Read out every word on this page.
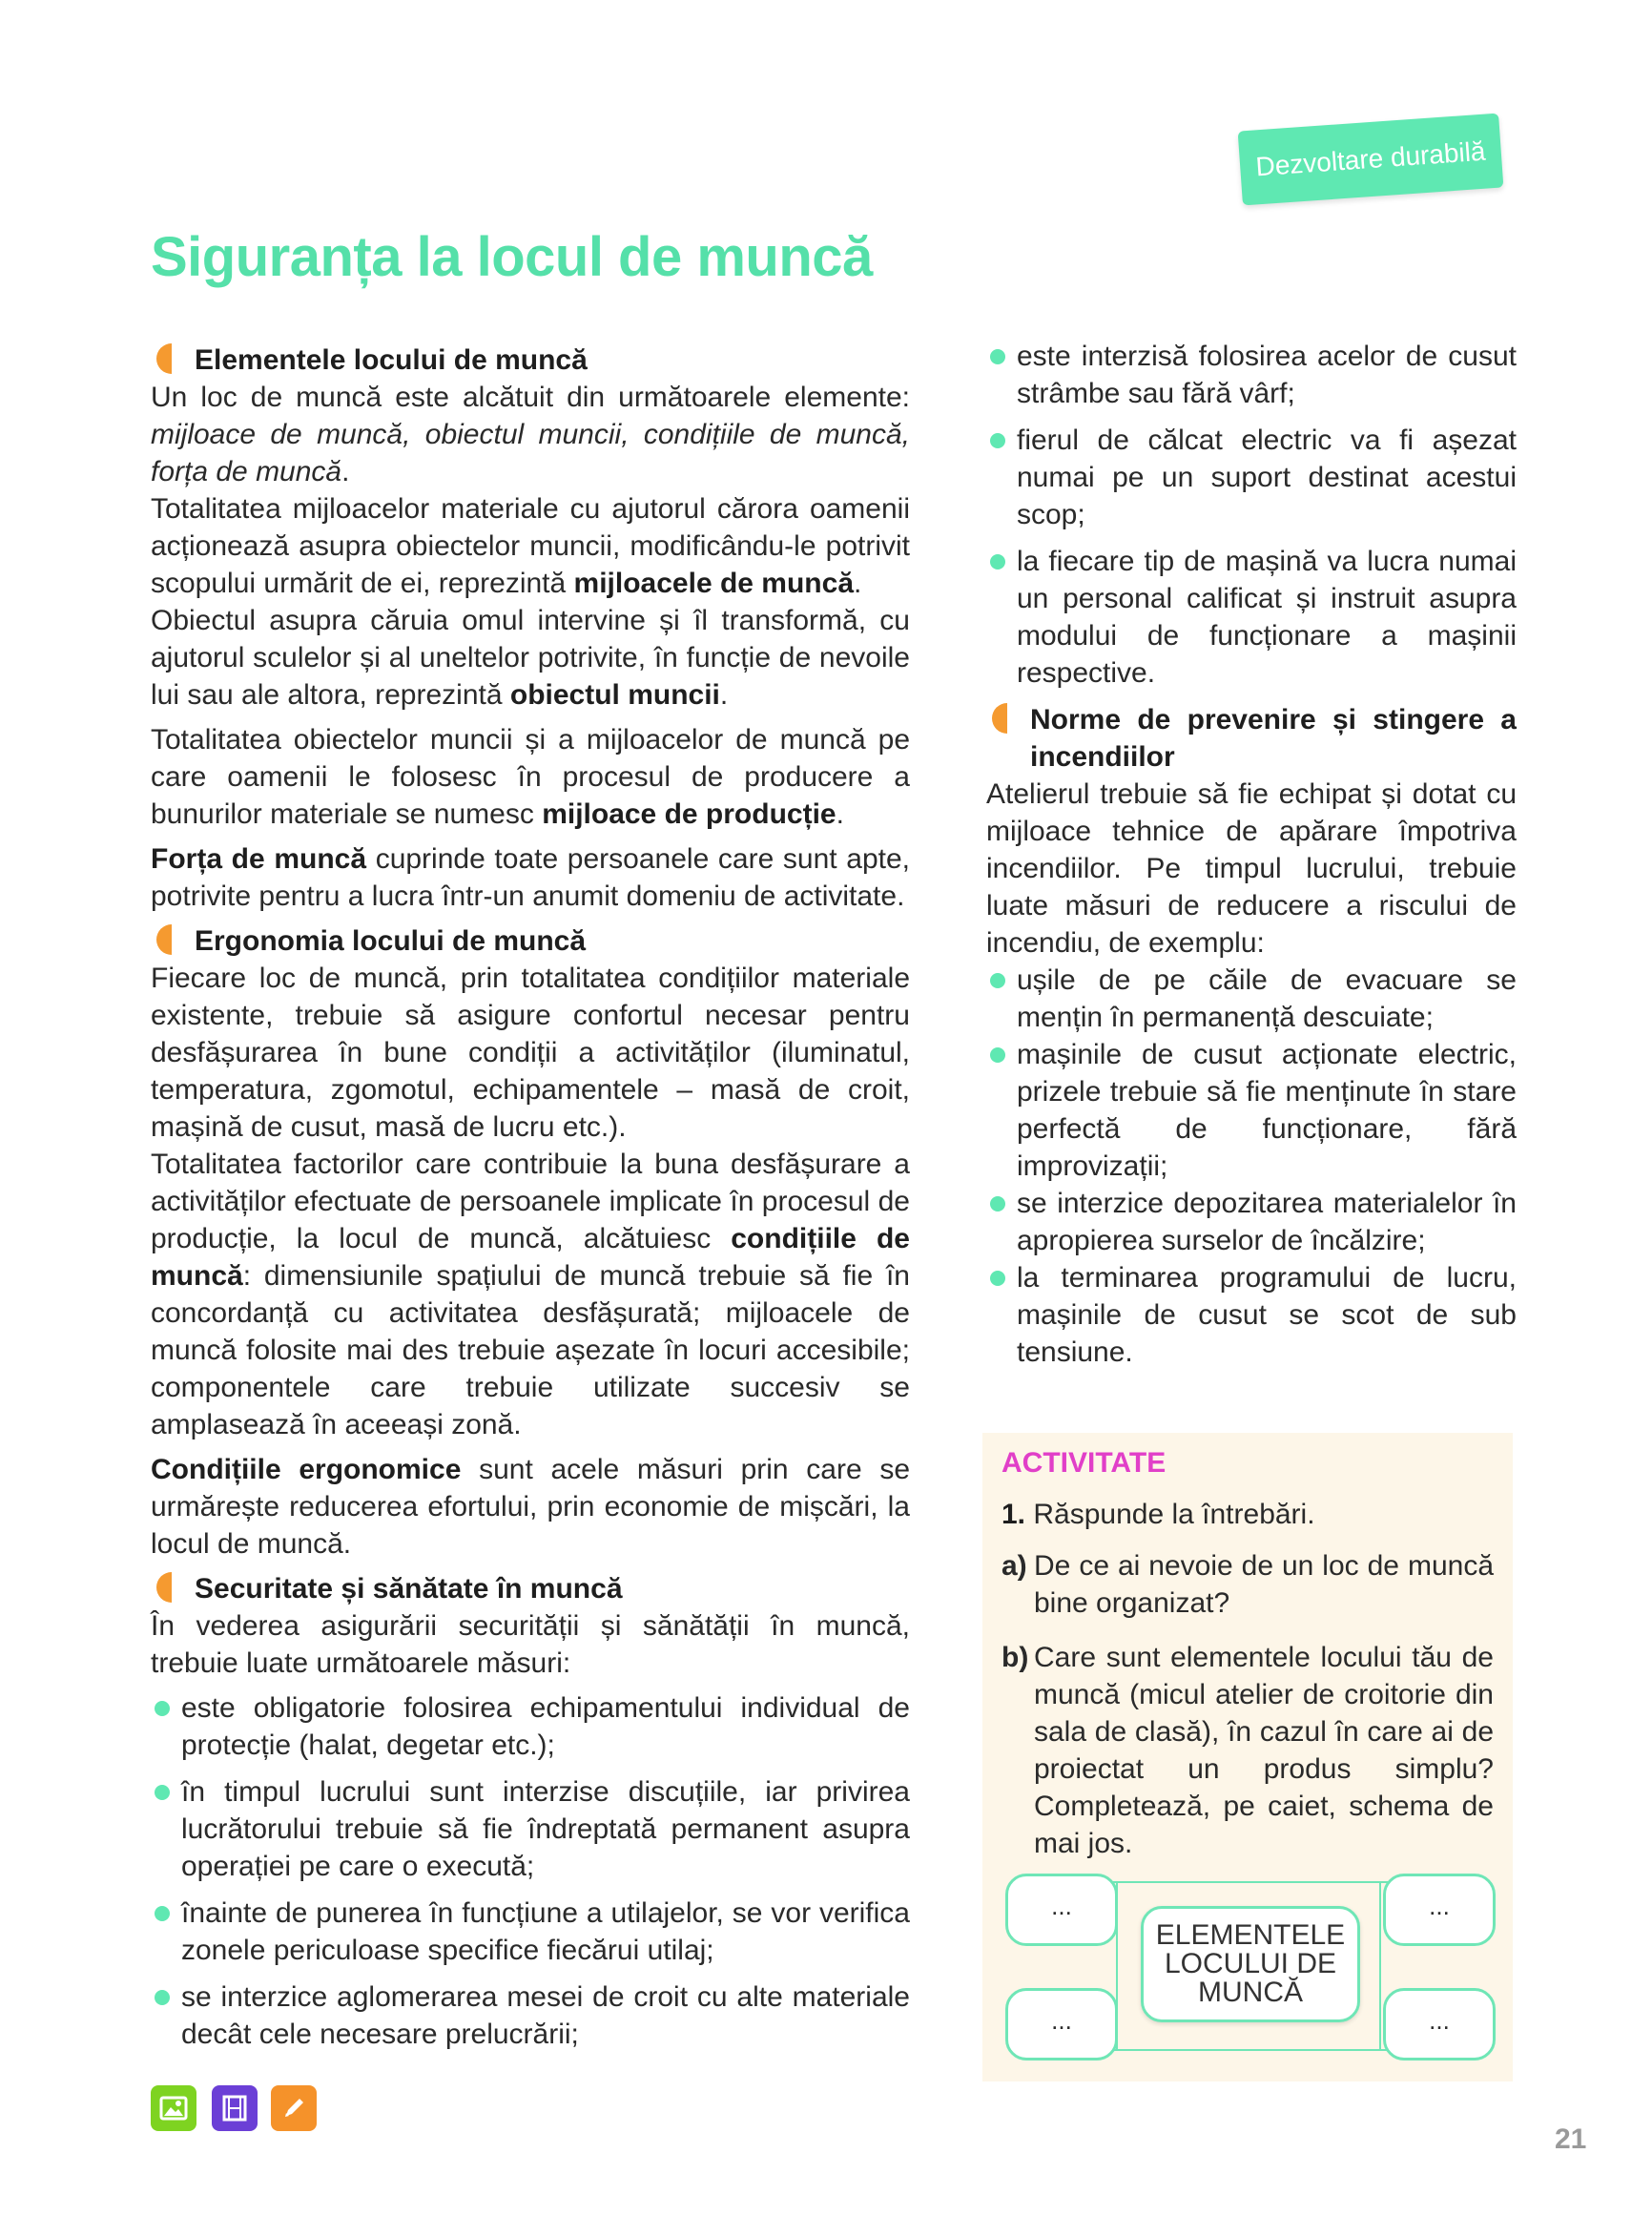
Dezvoltare durabilă
Siguranța la locul de muncă
Elementele locului de muncă

Un loc de muncă este alcătuit din următoarele elemente: mijloace de muncă, obiectul muncii, condițiile de muncă, forța de muncă.

Totalitatea mijloacelor materiale cu ajutorul cărora oamenii acționează asupra obiectelor muncii, modificându-le potrivit scopului urmărit de ei, reprezintă mijloacele de muncă.

Obiectul asupra căruia omul intervine și îl transformă, cu ajutorul sculelor și al uneltelor potrivite, în funcție de nevoile lui sau ale altora, reprezintă obiectul muncii.

Totalitatea obiectelor muncii și a mijloacelor de muncă pe care oamenii le folosesc în procesul de producere a bunurilor materiale se numesc mijloace de producție.

Forța de muncă cuprinde toate persoanele care sunt apte, potrivite pentru a lucra într-un anumit domeniu de activitate.

Ergonomia locului de muncă

Fiecare loc de muncă, prin totalitatea condițiilor materiale existente, trebuie să asigure confortul necesar pentru desfășurarea în bune condiții a activităților (iluminatul, temperatura, zgomotul, echipamentele – masă de croit, mașină de cusut, masă de lucru etc.).

Totalitatea factorilor care contribuie la buna desfășurare a activităților efectuate de persoanele implicate în procesul de producție, la locul de muncă, alcătuiesc condițiile de muncă: dimensiunile spațiului de muncă trebuie să fie în concordanță cu activitatea desfășurată; mijloacele de muncă folosite mai des trebuie așezate în locuri accesibile; componentele care trebuie utilizate succesiv se amplasează în aceeași zonă.

Condițiile ergonomice sunt acele măsuri prin care se urmărește reducerea efortului, prin economie de mișcări, la locul de muncă.

Securitate și sănătate în muncă

În vederea asigurării securității și sănătății în muncă, trebuie luate următoarele măsuri:

este obligatorie folosirea echipamentului individual de protecție (halat, degetar etc.);
în timpul lucrului sunt interzise discuțiile, iar privirea lucrătorului trebuie să fie îndreptată permanent asupra operației pe care o execută;
înainte de punerea în funcțiune a utilajelor, se vor verifica zonele periculoase specifice fiecărui utilaj;
se interzice aglomerarea mesei de croit cu alte materiale decât cele necesare prelucrării;
este interzisă folosirea acelor de cusut strâmbe sau fără vârf;
fierul de călcat electric va fi așezat numai pe un suport destinat acestui scop;
la fiecare tip de mașină va lucra numai un personal calificat și instruit asupra modului de funcționare a mașinii respective.
Norme de prevenire și stingere a incendiilor

Atelierul trebuie să fie echipat și dotat cu mijloace tehnice de apărare împotriva incendiilor. Pe timpul lucrului, trebuie luate măsuri de reducere a riscului de incendiu, de exemplu:

ușile de pe căile de evacuare se mențin în permanență descuiate;
mașinile de cusut acționate electric, prizele trebuie să fie menținute în stare perfectă de funcționare, fără improvizații;
se interzice depozitarea materialelor în apropierea surselor de încălzire;
la terminarea programului de lucru, mașinile de cusut se scot de sub tensiune.
ACTIVITATE
1. Răspunde la întrebări.
a) De ce ai nevoie de un loc de muncă bine organizat?
b) Care sunt elementele locului tău de muncă (micul atelier de croitorie din sala de clasă), în cazul în care ai de proiectat un produs simplu? Completează, pe caiet, schema de mai jos.
...	...
...	...
ELEMENTELE LOCULUI DE MUNCĂ
21
